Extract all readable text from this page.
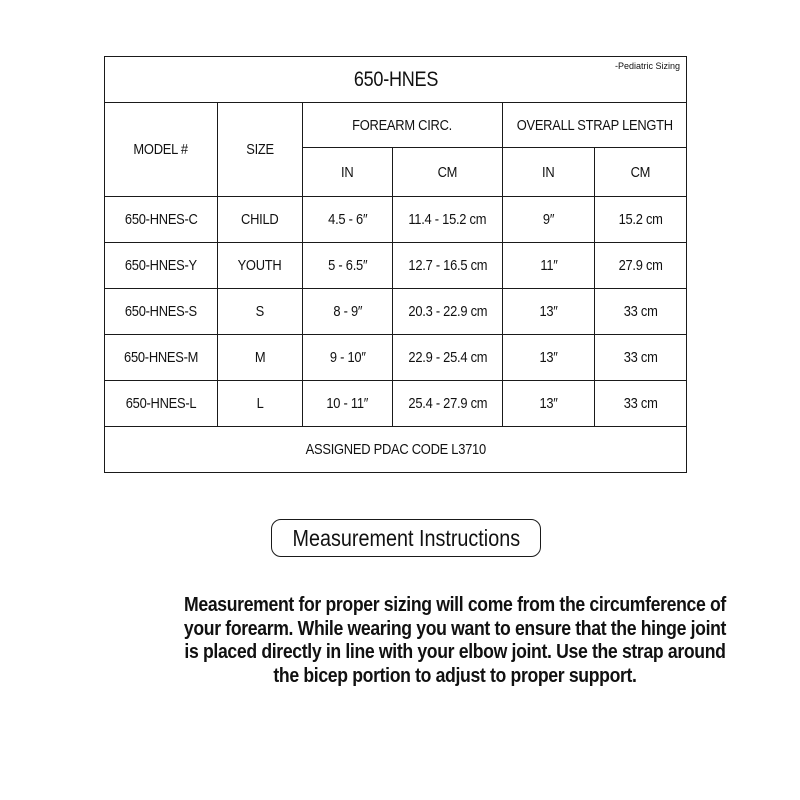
650-HNES
-Pediatric Sizing					

MODEL #	SIZE	FOREARM CIRC.		OVERALL STRAP LENGTH	
		IN	CM	IN	CM
650-HNES-C	CHILD	4.5 - 6″	11.4 - 15.2 cm	9″	15.2 cm
650-HNES-Y	YOUTH	5 - 6.5″	12.7 - 16.5 cm	11″	27.9 cm
650-HNES-S	S	8 - 9″	20.3 - 22.9 cm	13″	33 cm
650-HNES-M	M	9 - 10″	22.9 - 25.4 cm	13″	33 cm
650-HNES-L	L	10 - 11″	25.4 - 27.9 cm	13″	33 cm
ASSIGNED PDAC CODE L3710					
Measurement Instructions
Measurement for proper sizing will come from the circumference of your forearm. While wearing you want to ensure that the hinge joint is placed directly in line with your elbow joint. Use the strap around the bicep portion to adjust to proper support.
